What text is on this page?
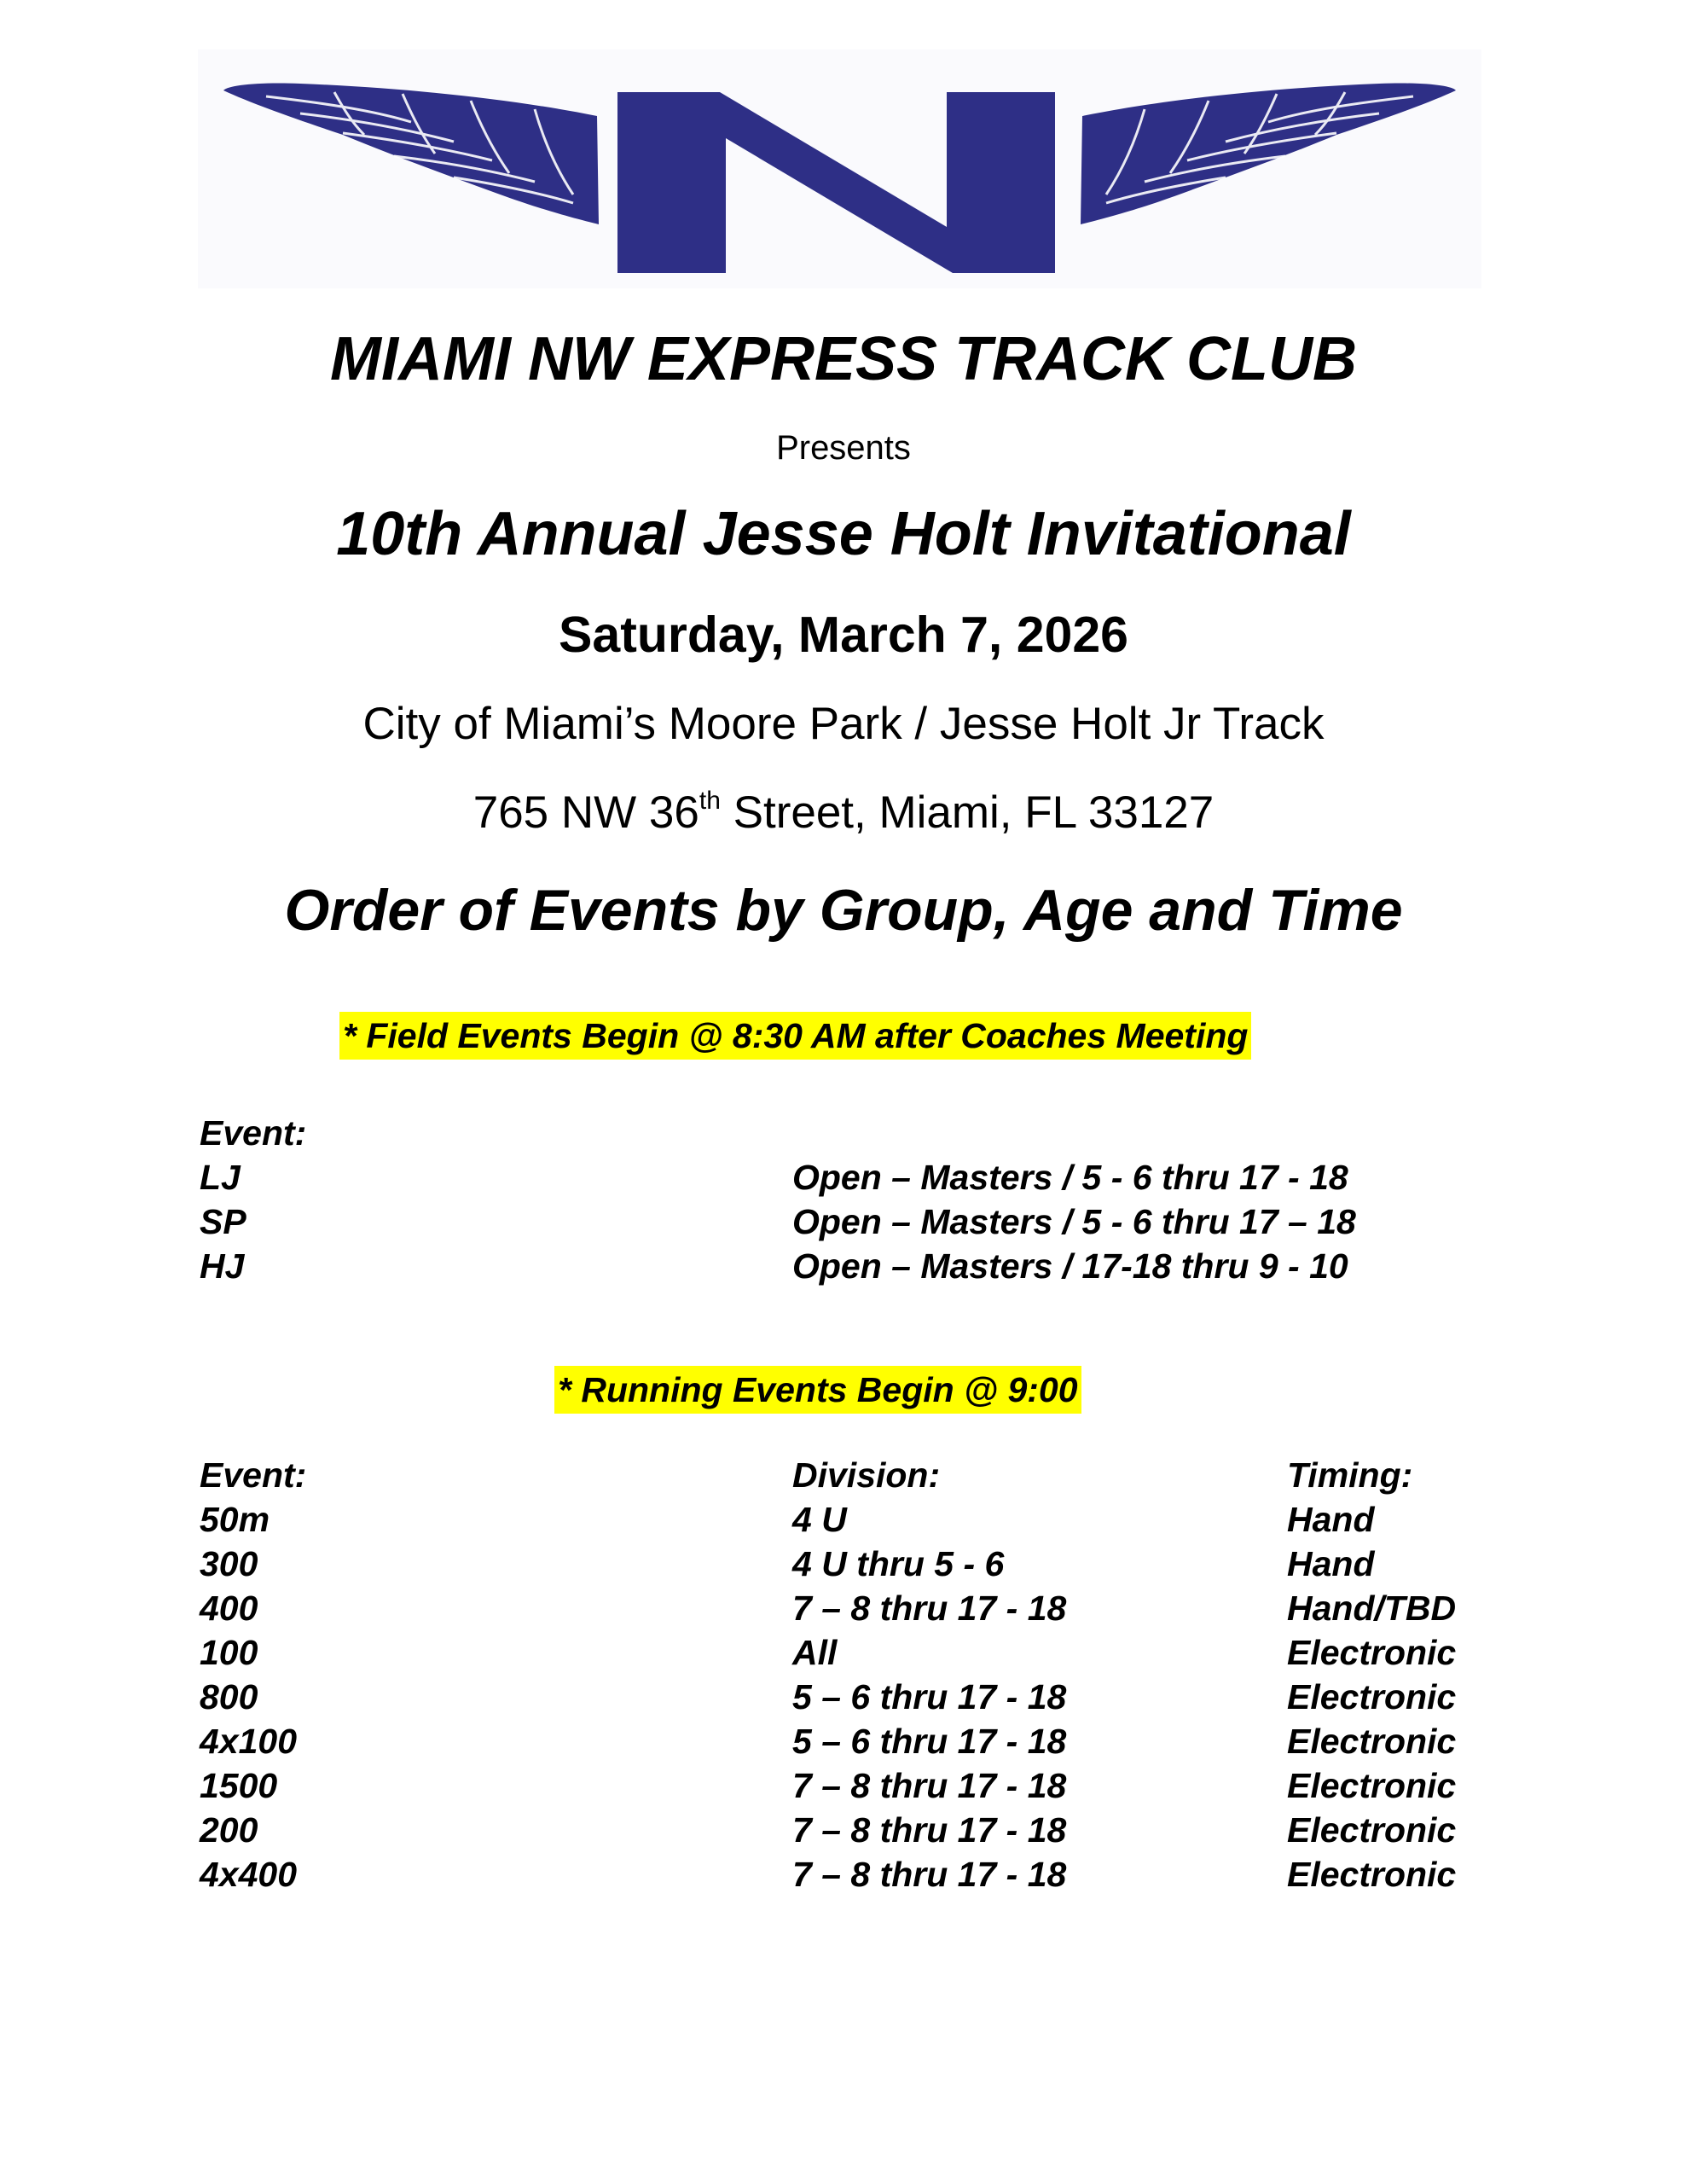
MIAMI NW EXPRESS TRACK CLUB
Presents
10th Annual Jesse Holt Invitational
Saturday, March 7, 2026
City of Miami’s Moore Park / Jesse Holt Jr Track
765 NW 36th Street, Miami, FL 33127
Order of Events by Group, Age and Time
* Field Events Begin @ 8:30 AM after Coaches Meeting
Event:
LJ	Open – Masters / 5 - 6 thru 17 - 18
SP	Open – Masters / 5 - 6 thru 17 – 18
HJ	Open – Masters / 17-18 thru 9 - 10
* Running Events Begin @ 9:00
Event:	Division:	Timing:
50m	4 U	Hand
300	4 U thru 5 - 6	Hand
400	7 – 8 thru 17 - 18	Hand/TBD
100	All	Electronic
800	5 – 6 thru 17 - 18	Electronic
4x100	5 – 6 thru 17 - 18	Electronic
1500	7 – 8 thru 17 - 18	Electronic
200	7 – 8 thru 17 - 18	Electronic
4x400	7 – 8 thru 17 - 18	Electronic
